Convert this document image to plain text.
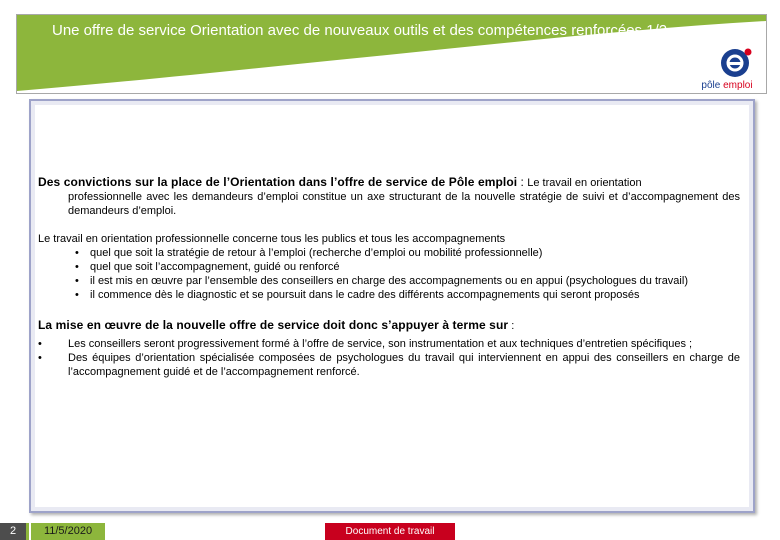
Une offre de service Orientation avec de nouveaux outils et des compétences renforcées 1/2
pôle emploi
Des convictions sur la place de l’Orientation dans l’offre de service de Pôle emploi : Le travail en orientation
professionnelle avec les demandeurs d’emploi constitue un axe structurant de la nouvelle stratégie de suivi et d’accompagnement des demandeurs d’emploi.
Le travail en orientation professionnelle concerne tous les publics et tous les accompagnements
• quel que soit la stratégie de retour à l’emploi (recherche d’emploi ou mobilité professionnelle)
• quel que soit l’accompagnement, guidé ou renforcé
• il est mis en œuvre par l’ensemble des conseillers en charge des accompagnements ou en appui (psychologues du travail)
• il commence dès le diagnostic et se poursuit dans le cadre des différents accompagnements qui seront proposés
La mise en œuvre de la nouvelle offre de service doit donc s’appuyer à terme sur :
• Les conseillers seront progressivement formé à l’offre de service, son instrumentation et aux techniques d’entretien spécifiques ;
• Des équipes d’orientation spécialisée composées de psychologues du travail qui interviennent en appui des conseillers en charge de l’accompagnement guidé et de l’accompagnement renforcé.
2	11/5/2020	Document de travail
